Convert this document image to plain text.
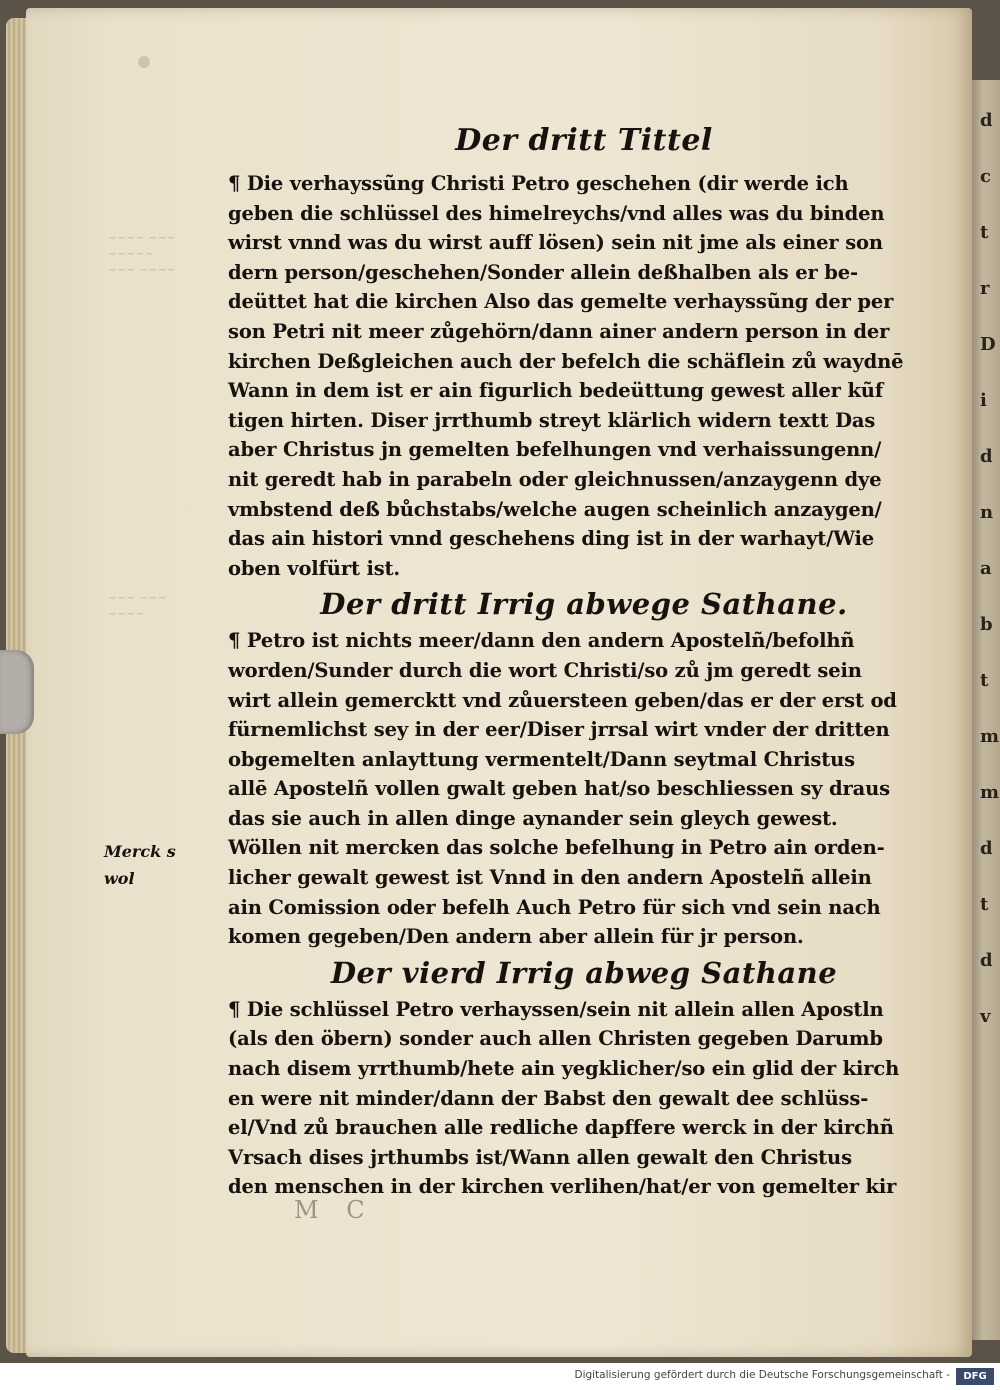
d
c
t
r
D
i
d
n
a
b
t
m
m
d
t
d
v
~~~~ ~~~
~~~~~
~~~ ~~~~
~~~ ~~~
~~~~
Der dritt Tittel
¶ Die verhayssũng Christi Petro geschehen (dir werde ich
geben die schlüssel des himelreychs/vnd alles was du binden
wirst vnnd was du wirst auff lösen) sein nit jme als einer son
dern person/geschehen/Sonder allein deßhalben als er be-
deüttet hat die kirchen Also das gemelte verhayssũng der per
son Petri nit meer zůgehörn/dann ainer andern person in der
kirchen Deßgleichen auch der befelch die schäflein zů waydnē
Wann in dem ist er ain figurlich bedeüttung gewest aller kũf
tigen hirten. Diser jrrthumb streyt klärlich widern textt Das
aber Christus jn gemelten befelhungen vnd verhaissungenn/
nit geredt hab in parabeln oder gleichnussen/anzaygenn dye
vmbstend deß bůchstabs/welche augen scheinlich anzaygen/
das ain histori vnnd geschehens ding ist in der warhayt/Wie
oben volfürt ist.
Der dritt Irrig abwege Sathane.
¶ Petro ist nichts meer/dann den andern Apostelñ/befolhñ
worden/Sunder durch die wort Christi/so zů jm geredt sein
wirt allein gemercktt vnd zůuersteen geben/das er der erst od
fürnemlichst sey in der eer/Diser jrrsal wirt vnder der dritten
obgemelten anlayttung vermentelt/Dann seytmal Christus
allē Apostelñ vollen gwalt geben hat/so beschliessen sy draus
das sie auch in allen dinge aynander sein gleych gewest.
Wöllen nit mercken das solche befelhung in Petro ain orden-
licher gewalt gewest ist Vnnd in den andern Apostelñ allein
ain Comission oder befelh Auch Petro für sich vnd sein nach
komen gegeben/Den andern aber allein für jr person.
Der vierd Irrig abweg Sathane
¶ Die schlüssel Petro verhayssen/sein nit allein allen Apostln
(als den öbern) sonder auch allen Christen gegeben Darumb
nach disem yrrthumb/hete ain yegklicher/so ein glid der kirch
en were nit minder/dann der Babst den gewalt dee schlüss-
el/Vnd zů brauchen alle redliche dapffere werck in der kirchñ
Vrsach dises jrthumbs ist/Wann allen gewalt den Christus
den menschen in der kirchen verlihen/hat/er von gemelter kir
Merck s
wol
M C
Digitalisierung gefördert durch die Deutsche Forschungsgemeinschaft -	DFG
